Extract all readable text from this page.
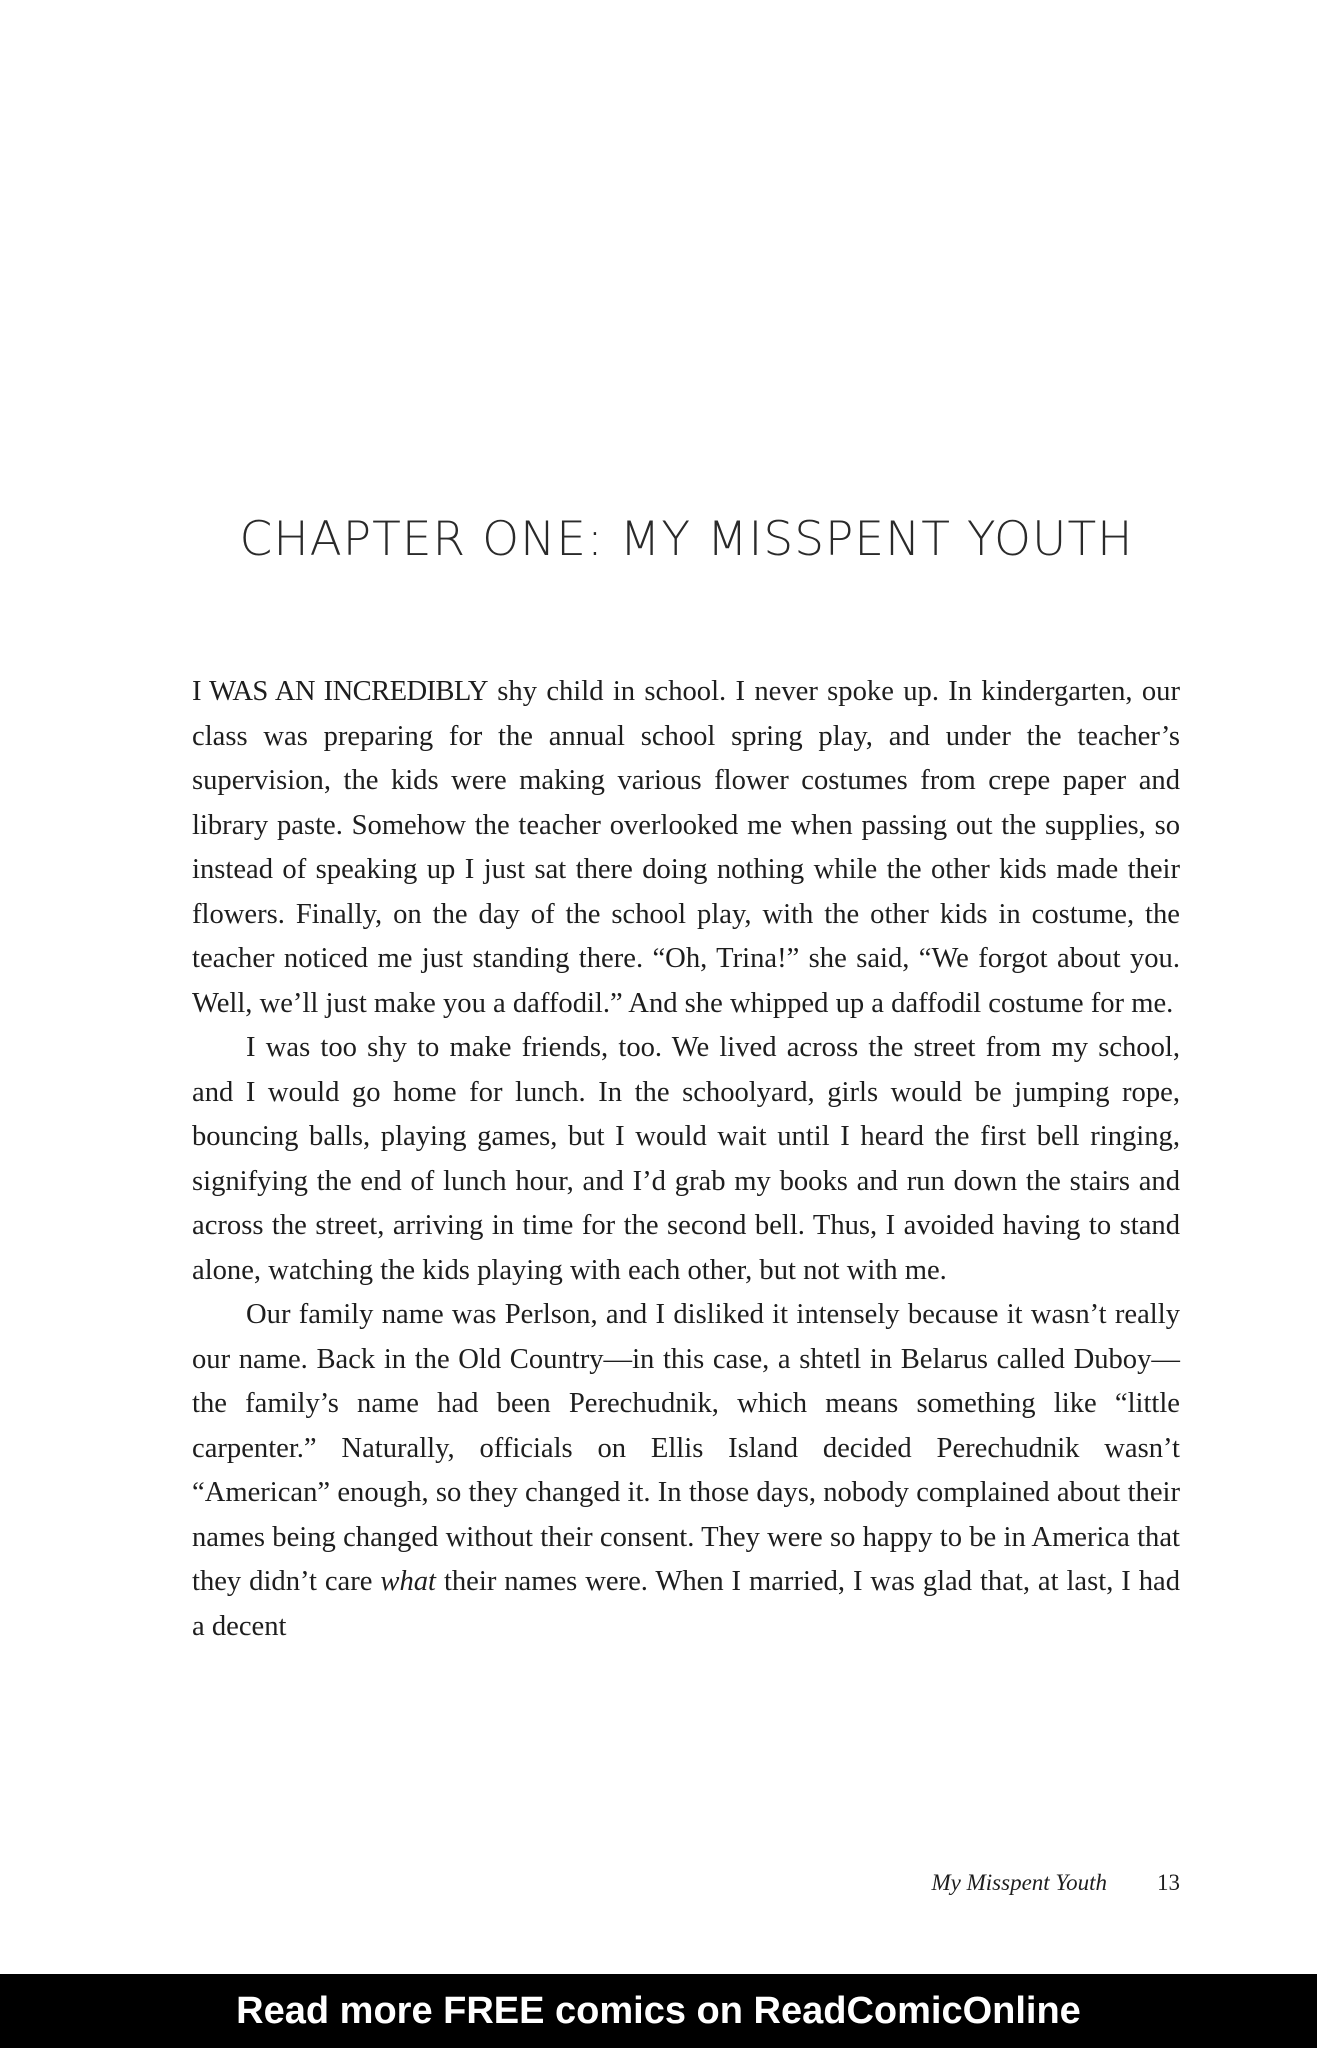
CHAPTER ONE: MY MISSPENT YOUTH

I WAS AN INCREDIBLY shy child in school. I never spoke up. In kindergarten, our class was preparing for the annual school spring play, and under the teacher’s supervision, the kids were making various flower costumes from crepe paper and library paste. Somehow the teacher overlooked me when passing out the supplies, so instead of speaking up I just sat there doing nothing while the other kids made their flowers. Finally, on the day of the school play, with the other kids in costume, the teacher noticed me just standing there. “Oh, Trina!” she said, “We forgot about you. Well, we’ll just make you a daffodil.” And she whipped up a daffodil costume for me.

I was too shy to make friends, too. We lived across the street from my school, and I would go home for lunch. In the schoolyard, girls would be jumping rope, bouncing balls, playing games, but I would wait until I heard the first bell ringing, signifying the end of lunch hour, and I’d grab my books and run down the stairs and across the street, arriving in time for the second bell. Thus, I avoided having to stand alone, watching the kids playing with each other, but not with me.

Our family name was Perlson, and I disliked it intensely because it wasn’t really our name. Back in the Old Country—in this case, a shtetl in Belarus called Duboy—the family’s name had been Perechudnik, which means something like “little carpenter.” Naturally, officials on Ellis Island decided Perechudnik wasn’t “American” enough, so they changed it. In those days, nobody complained about their names being changed without their consent. They were so happy to be in America that they didn’t care what their names were. When I married, I was glad that, at last, I had a decent

My Misspent Youth 13
Read more FREE comics on ReadComicOnline
